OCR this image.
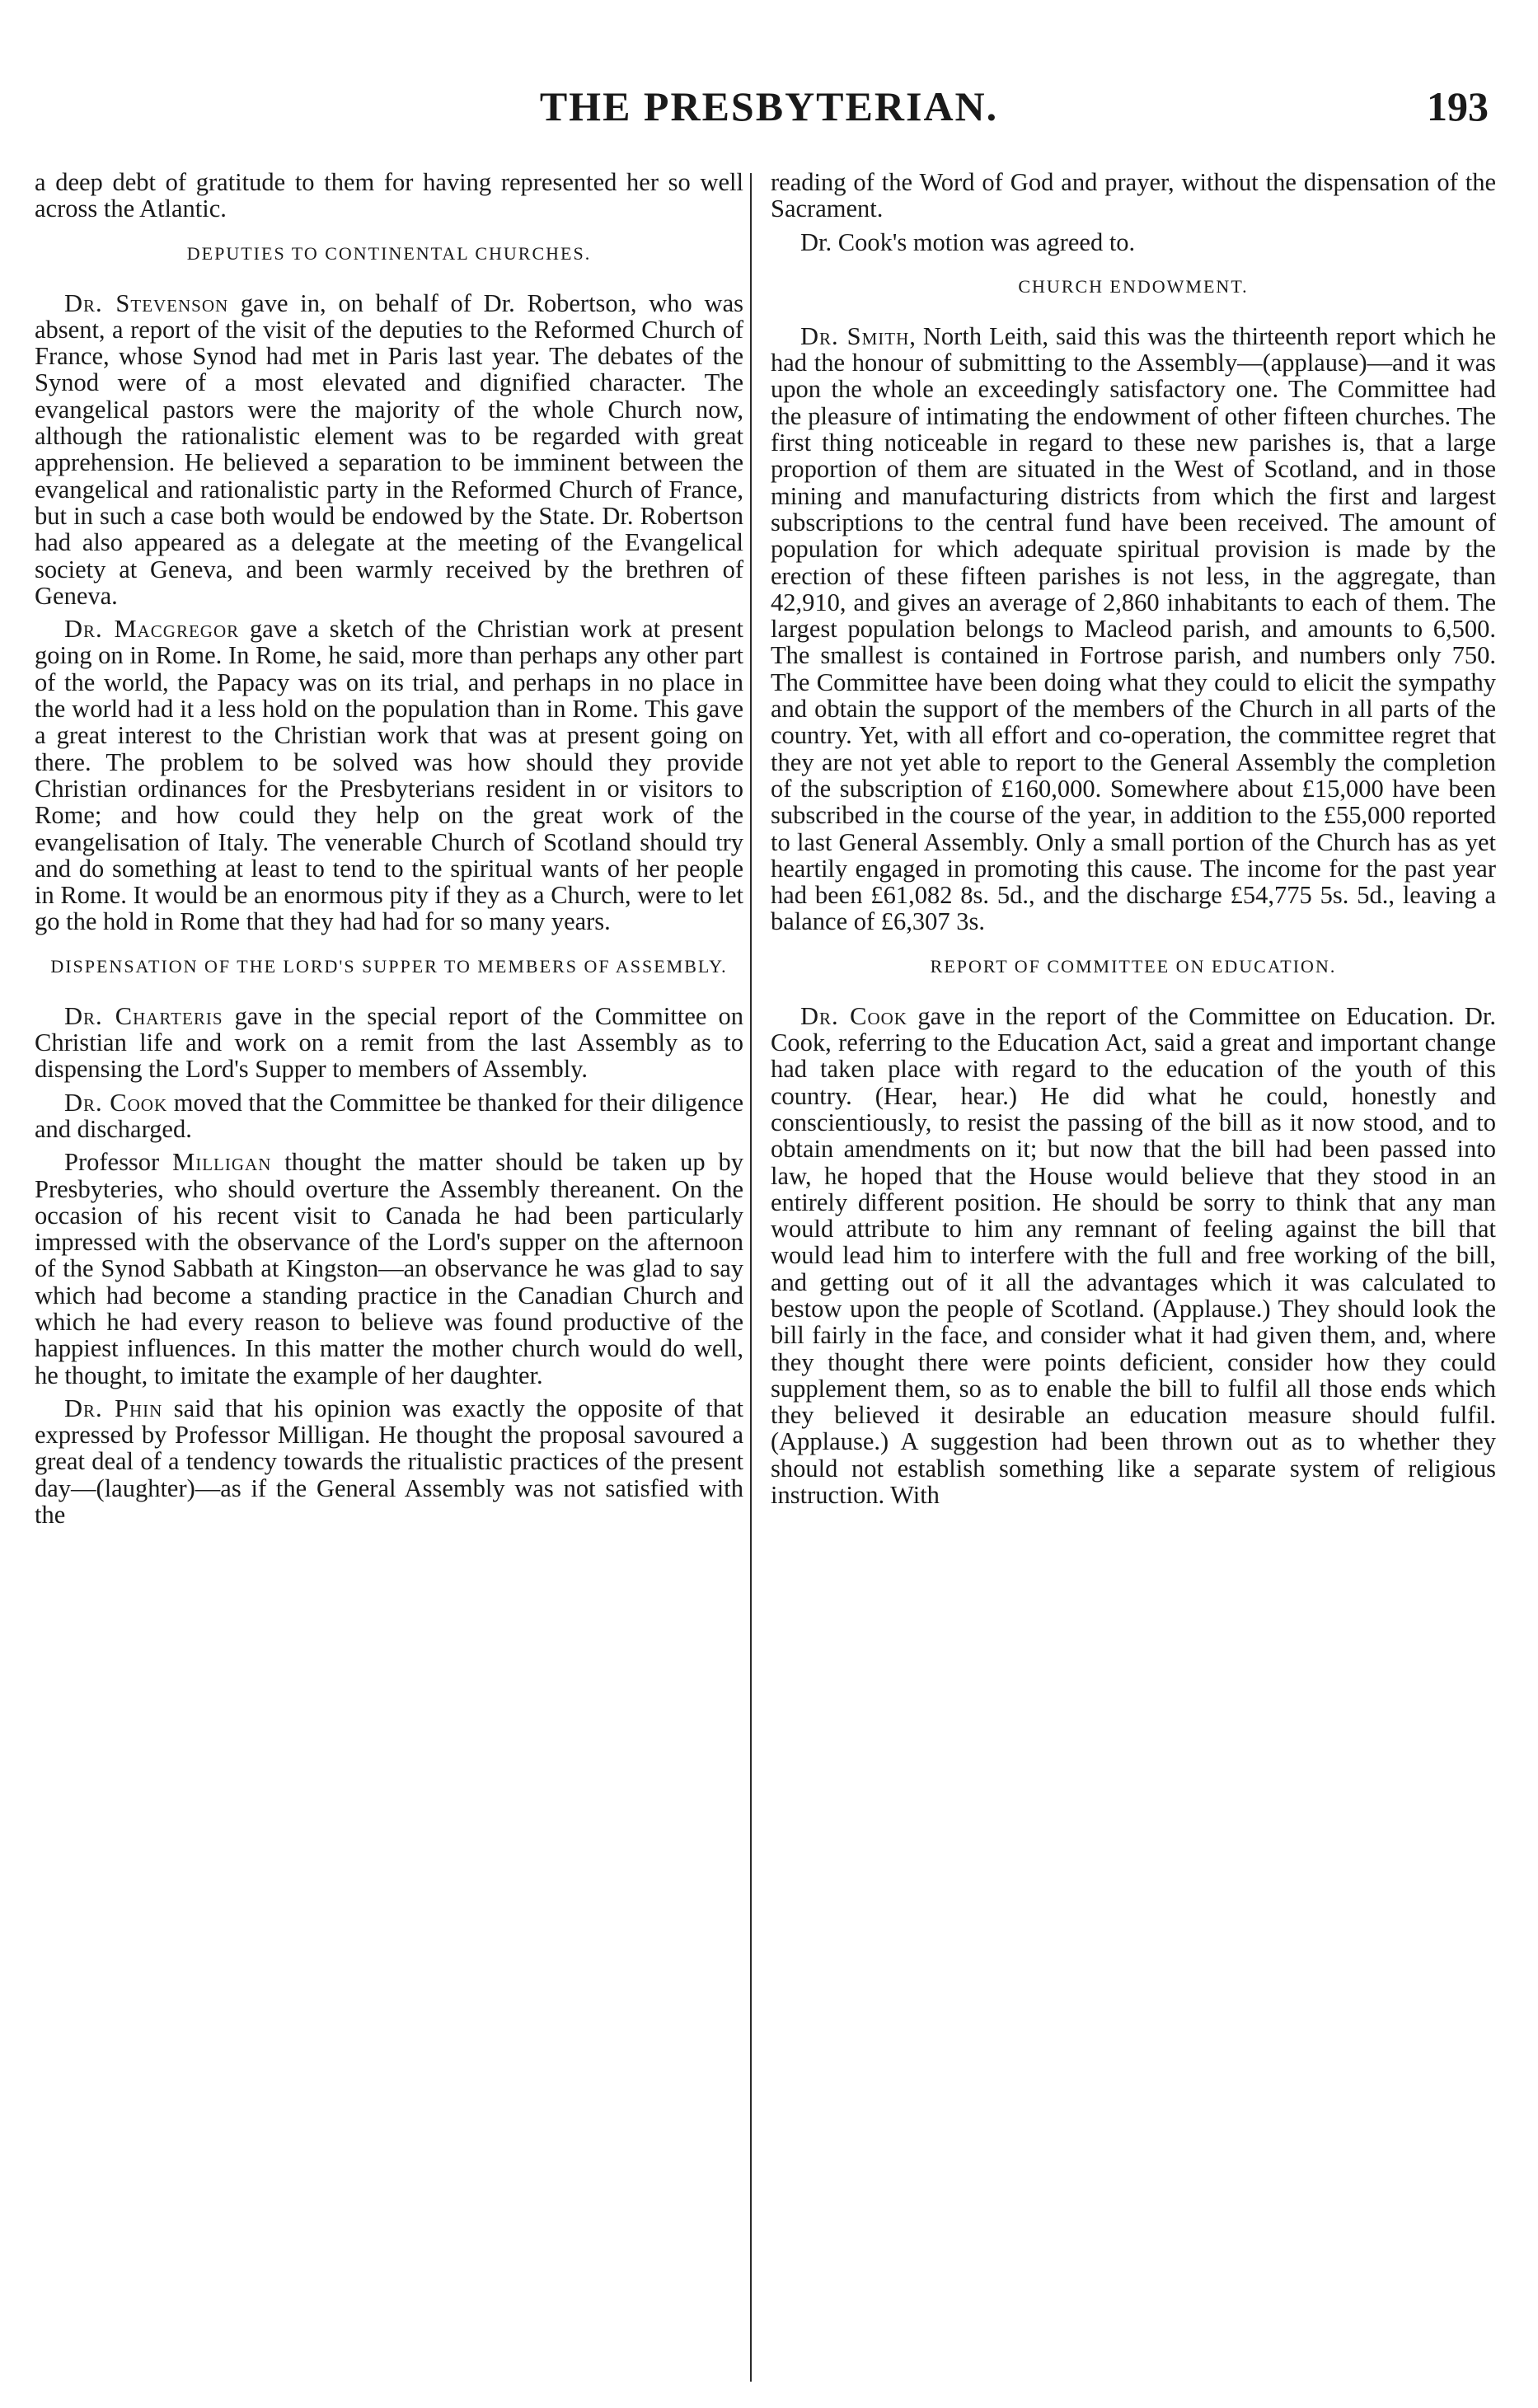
THE PRESBYTERIAN.	193

a deep debt of gratitude to them for having represented her so well across the Atlantic.

DEPUTIES TO CONTINENTAL CHURCHES.

Dr. Stevenson gave in, on behalf of Dr. Robertson, who was absent, a report of the visit of the deputies to the Reformed Church of France, whose Synod had met in Paris last year. The debates of the Synod were of a most elevated and dignified character. The evangelical pastors were the majority of the whole Church now, although the rationalistic element was to be regarded with great apprehension. He believed a separation to be imminent between the evangelical and rationalistic party in the Reformed Church of France, but in such a case both would be endowed by the State. Dr. Robertson had also appeared as a delegate at the meeting of the Evangelical society at Geneva, and been warmly received by the brethren of Geneva.

Dr. Macgregor gave a sketch of the Christian work at present going on in Rome. In Rome, he said, more than perhaps any other part of the world, the Papacy was on its trial, and perhaps in no place in the world had it a less hold on the population than in Rome. This gave a great interest to the Christian work that was at present going on there. The problem to be solved was how should they provide Christian ordinances for the Presbyterians resident in or visitors to Rome; and how could they help on the great work of the evangelisation of Italy. The venerable Church of Scotland should try and do something at least to tend to the spiritual wants of her people in Rome. It would be an enormous pity if they as a Church, were to let go the hold in Rome that they had had for so many years.

DISPENSATION OF THE LORD'S SUPPER TO MEMBERS OF ASSEMBLY.

Dr. Charteris gave in the special report of the Committee on Christian life and work on a remit from the last Assembly as to dispensing the Lord's Supper to members of Assembly.

Dr. Cook moved that the Committee be thanked for their diligence and discharged.

Professor Milligan thought the matter should be taken up by Presbyteries, who should overture the Assembly thereanent. On the occasion of his recent visit to Canada he had been particularly impressed with the observance of the Lord's supper on the afternoon of the Synod Sabbath at Kingston—an observance he was glad to say which had become a standing practice in the Canadian Church and which he had every reason to believe was found productive of the happiest influences. In this matter the mother church would do well, he thought, to imitate the example of her daughter.

Dr. Phin said that his opinion was exactly the opposite of that expressed by Professor Milligan. He thought the proposal savoured a great deal of a tendency towards the ritualistic practices of the present day—(laughter)—as if the General Assembly was not satisfied with the

reading of the Word of God and prayer, without the dispensation of the Sacrament.

Dr. Cook's motion was agreed to.

CHURCH ENDOWMENT.

Dr. Smith, North Leith, said this was the thirteenth report which he had the honour of submitting to the Assembly—(applause)—and it was upon the whole an exceedingly satisfactory one. The Committee had the pleasure of intimating the endowment of other fifteen churches. The first thing noticeable in regard to these new parishes is, that a large proportion of them are situated in the West of Scotland, and in those mining and manufacturing districts from which the first and largest subscriptions to the central fund have been received. The amount of population for which adequate spiritual provision is made by the erection of these fifteen parishes is not less, in the aggregate, than 42,910, and gives an average of 2,860 inhabitants to each of them. The largest population belongs to Macleod parish, and amounts to 6,500. The smallest is contained in Fortrose parish, and numbers only 750. The Committee have been doing what they could to elicit the sympathy and obtain the support of the members of the Church in all parts of the country. Yet, with all effort and co-operation, the committee regret that they are not yet able to report to the General Assembly the completion of the subscription of £160,000. Somewhere about £15,000 have been subscribed in the course of the year, in addition to the £55,000 reported to last General Assembly. Only a small portion of the Church has as yet heartily engaged in promoting this cause. The income for the past year had been £61,082 8s. 5d., and the discharge £54,775 5s. 5d., leaving a balance of £6,307 3s.

REPORT OF COMMITTEE ON EDUCATION.

Dr. Cook gave in the report of the Committee on Education. Dr. Cook, referring to the Education Act, said a great and important change had taken place with regard to the education of the youth of this country. (Hear, hear.) He did what he could, honestly and conscientiously, to resist the passing of the bill as it now stood, and to obtain amendments on it; but now that the bill had been passed into law, he hoped that the House would believe that they stood in an entirely different position. He should be sorry to think that any man would attribute to him any remnant of feeling against the bill that would lead him to interfere with the full and free working of the bill, and getting out of it all the advantages which it was calculated to bestow upon the people of Scotland. (Applause.) They should look the bill fairly in the face, and consider what it had given them, and, where they thought there were points deficient, consider how they could supplement them, so as to enable the bill to fulfil all those ends which they believed it desirable an education measure should fulfil. (Applause.) A suggestion had been thrown out as to whether they should not establish something like a separate system of religious instruction. With
